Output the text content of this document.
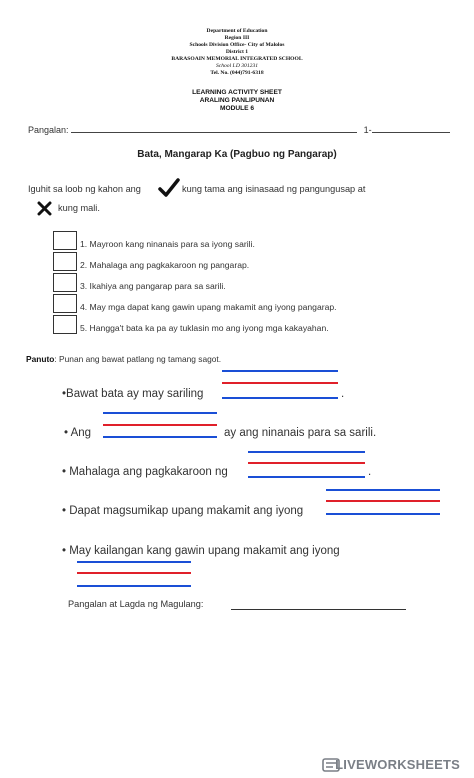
Department of Education
Region III
Schools Division Office- City of Malolos
District 1
BARASOAIN MEMORIAL INTEGRATED SCHOOL
School I.D 301231
Tel. No. (044)791-6318
LEARNING ACTIVITY SHEET
ARALING PANLIPUNAN
MODULE 6
Pangalan:	1-
Bata, Mangarap Ka (Pagbuo ng Pangarap)
Iguhit sa loob ng kahon ang	kung tama ang isinasaad ng pangungusap at
kung mali.
1. Mayroon kang ninanais para sa iyong sarili.
2. Mahalaga ang pagkakaroon ng pangarap.
3. Ikahiya ang pangarap para sa sarili.
4. May mga dapat kang gawin upang makamit ang iyong pangarap.
5. Hangga't bata ka pa ay tuklasin mo ang iyong mga kakayahan.
Panuto: Punan ang bawat patlang ng tamang sagot.
•Bawat bata ay may sariling	.
• Ang	ay ang ninanais para sa sarili.
• Mahalaga ang pagkakaroon ng	.
• Dapat magsumikap upang makamit ang iyong
• May kailangan kang gawin upang makamit ang iyong
Pangalan at Lagda ng Magulang:
LIVEWORKSHEETS
